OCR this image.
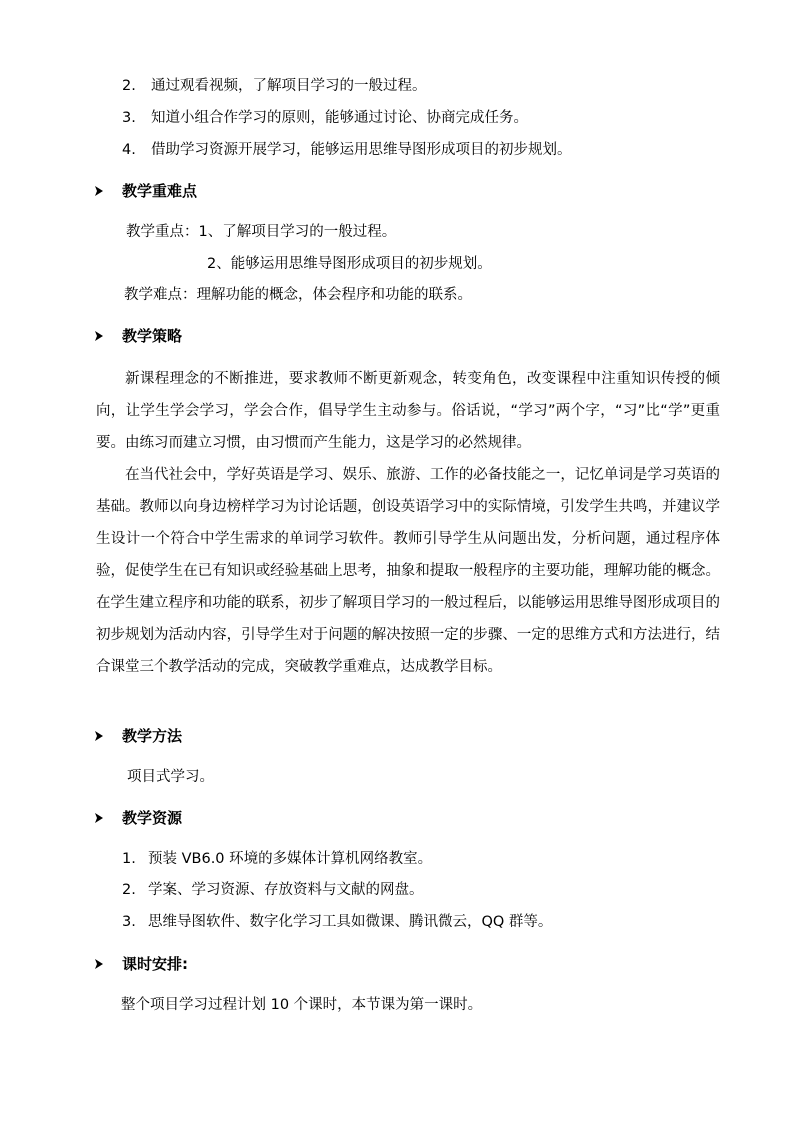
2.	通过观看视频，了解项目学习的一般过程。
3.	知道小组合作学习的原则，能够通过讨论、协商完成任务。
4.	借助学习资源开展学习，能够运用思维导图形成项目的初步规划。
教学重难点
教学重点：1、了解项目学习的一般过程。
2、能够运用思维导图形成项目的初步规划。
教学难点：理解功能的概念，体会程序和功能的联系。
教学策略
新课程理念的不断推进，要求教师不断更新观念，转变角色，改变课程中注重知识传授的倾向，让学生学会学习，学会合作，倡导学生主动参与。俗话说，“学习”两个字，“习”比“学”更重要。由练习而建立习惯，由习惯而产生能力，这是学习的必然规律。
在当代社会中，学好英语是学习、娱乐、旅游、工作的必备技能之一，记忆单词是学习英语的基础。教师以向身边榜样学习为讨论话题，创设英语学习中的实际情境，引发学生共鸣，并建议学生设计一个符合中学生需求的单词学习软件。教师引导学生从问题出发，分析问题，通过程序体验，促使学生在已有知识或经验基础上思考，抽象和提取一般程序的主要功能，理解功能的概念。在学生建立程序和功能的联系，初步了解项目学习的一般过程后，以能够运用思维导图形成项目的初步规划为活动内容，引导学生对于问题的解决按照一定的步骤、一定的思维方式和方法进行，结合课堂三个教学活动的完成，突破教学重难点，达成教学目标。
教学方法
项目式学习。
教学资源
1. 预装 VB6.0 环境的多媒体计算机网络教室。
2. 学案、学习资源、存放资料与文献的网盘。
3. 思维导图软件、数字化学习工具如微课、腾讯微云，QQ 群等。
课时安排:
整个项目学习过程计划 10 个课时，本节课为第一课时。
